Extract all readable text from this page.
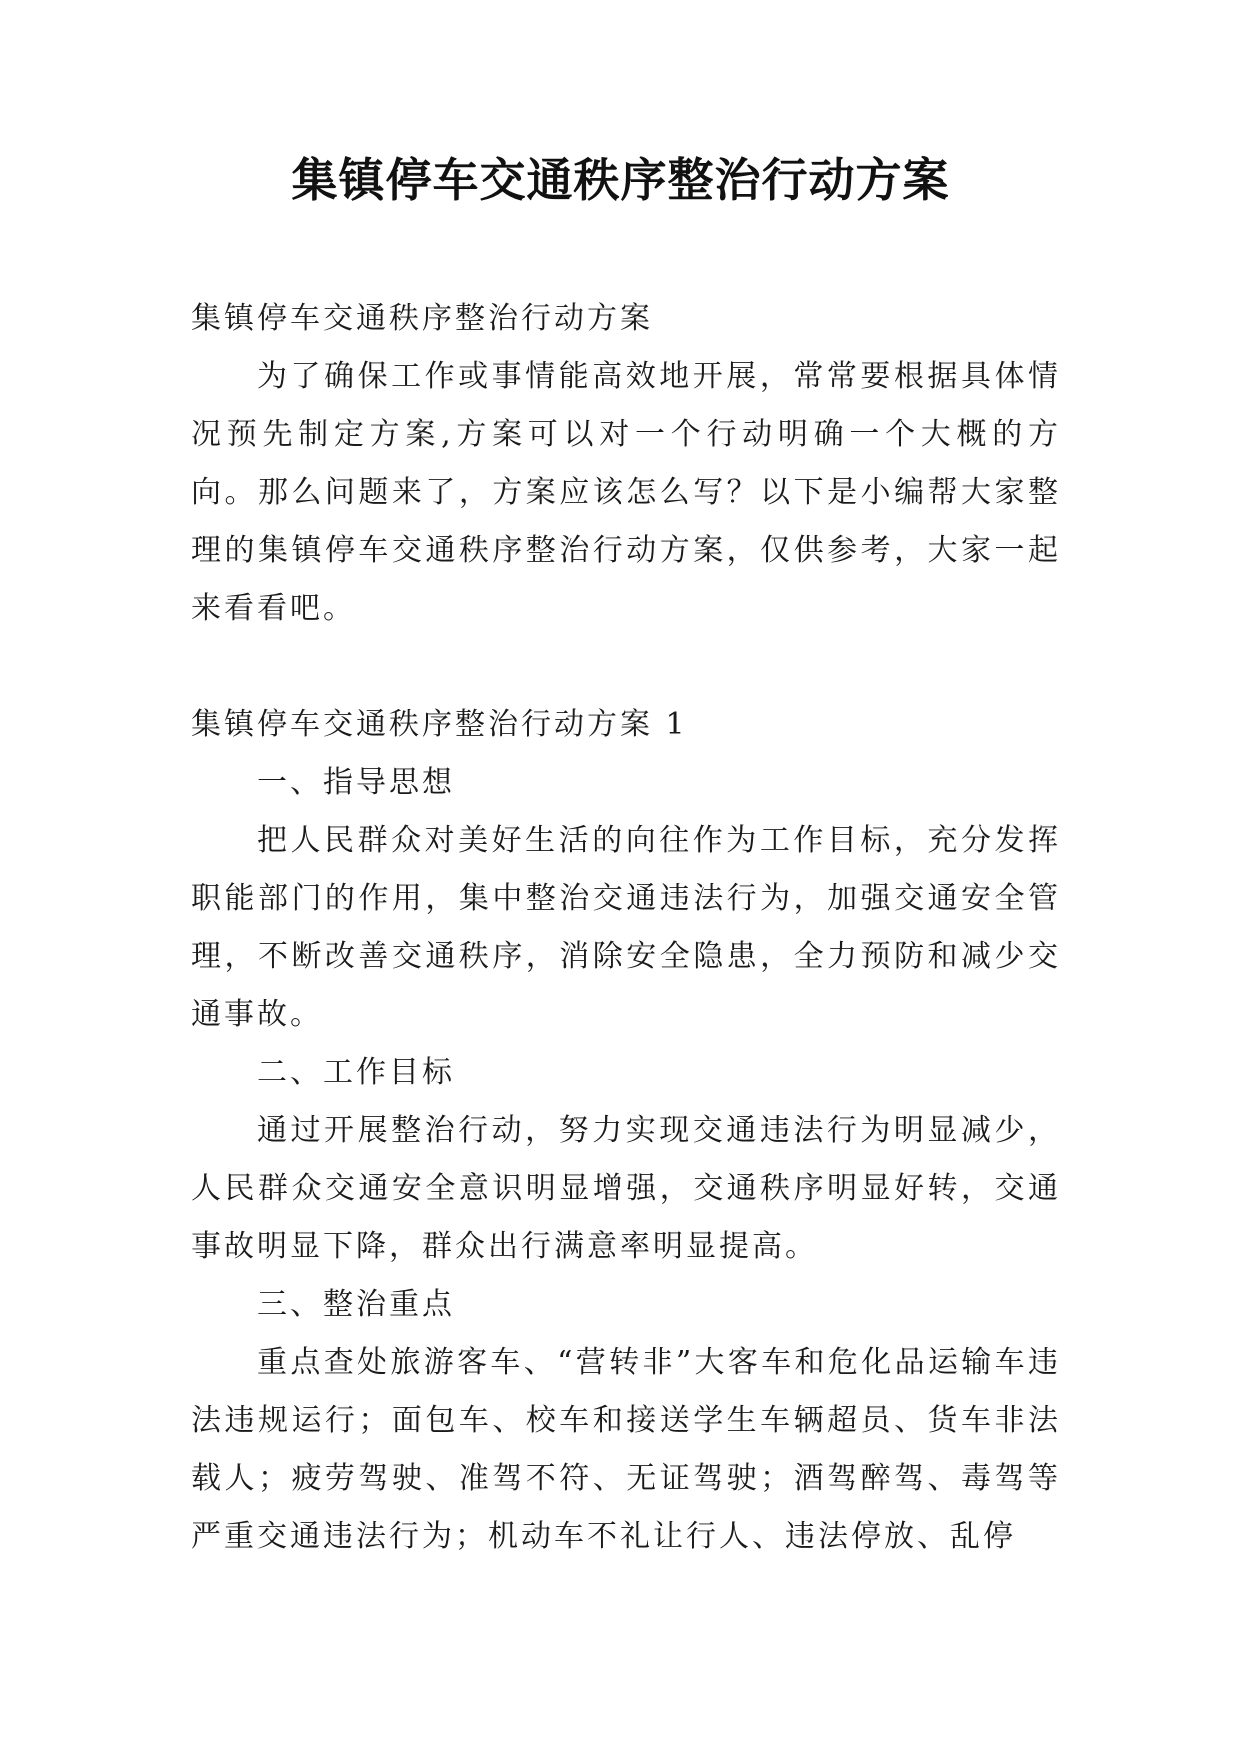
集镇停车交通秩序整治行动方案

集镇停车交通秩序整治行动方案

为了确保工作或事情能高效地开展，常常要根据具体情况预先制定方案,方案可以对一个行动明确一个大概的方向。那么问题来了，方案应该怎么写？以下是小编帮大家整理的集镇停车交通秩序整治行动方案，仅供参考，大家一起来看看吧。

集镇停车交通秩序整治行动方案 1

一、指导思想

把人民群众对美好生活的向往作为工作目标，充分发挥职能部门的作用，集中整治交通违法行为，加强交通安全管理，不断改善交通秩序，消除安全隐患，全力预防和减少交通事故。

二、工作目标

通过开展整治行动，努力实现交通违法行为明显减少，人民群众交通安全意识明显增强，交通秩序明显好转，交通事故明显下降，群众出行满意率明显提高。

三、整治重点

重点查处旅游客车、“营转非”大客车和危化品运输车违法违规运行；面包车、校车和接送学生车辆超员、货车非法载人；疲劳驾驶、准驾不符、无证驾驶；酒驾醉驾、毒驾等严重交通违法行为；机动车不礼让行人、违法停放、乱停
